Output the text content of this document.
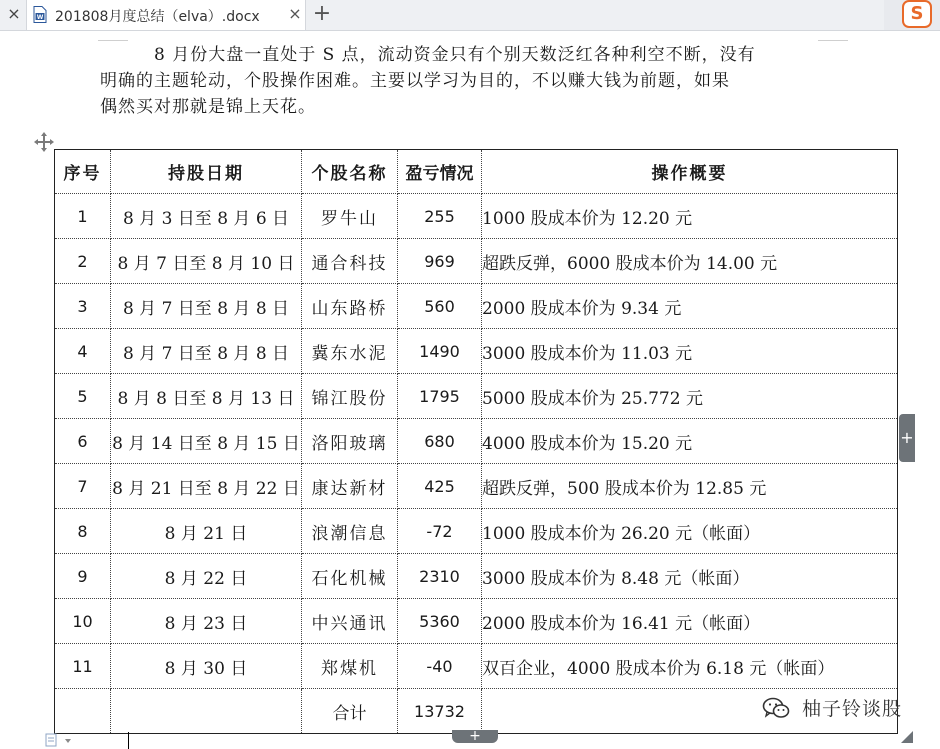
×	W 201808月度总结（elva）.docx × +	S

8 月份大盘一直处于 S 点，流动资金只有个别天数泛红各种利空不断，没有

明确的主题轮动，个股操作困难。主要以学习为目的，不以赚大钱为前题，如果

偶然买对那就是锦上天花。

序号	持股日期	个股名称	盈亏情况	操作概要
1	8 月 3 日至 8 月 6 日	罗牛山	255	1000 股成本价为 12.20 元
2	8 月 7 日至 8 月 10 日	通合科技	969	超跌反弹，6000 股成本价为 14.00 元
3	8 月 7 日至 8 月 8 日	山东路桥	560	2000 股成本价为 9.34 元
4	8 月 7 日至 8 月 8 日	冀东水泥	1490	3000 股成本价为 11.03 元
5	8 月 8 日至 8 月 13 日	锦江股份	1795	5000 股成本价为 25.772 元
6	8 月 14 日至 8 月 15 日	洛阳玻璃	680	4000 股成本价为 15.20 元
7	8 月 21 日至 8 月 22 日	康达新材	425	超跌反弹，500 股成本价为 12.85 元
8	8 月 21 日	浪潮信息	-72	1000 股成本价为 26.20 元（帐面）
9	8 月 22 日	石化机械	2310	3000 股成本价为 8.48 元（帐面）
10	8 月 23 日	中兴通讯	5360	2000 股成本价为 16.41 元（帐面）
11	8 月 30 日	郑煤机	-40	双百企业，4000 股成本价为 6.18 元（帐面）
		合计	13732	
+
+
柚子铃谈股
